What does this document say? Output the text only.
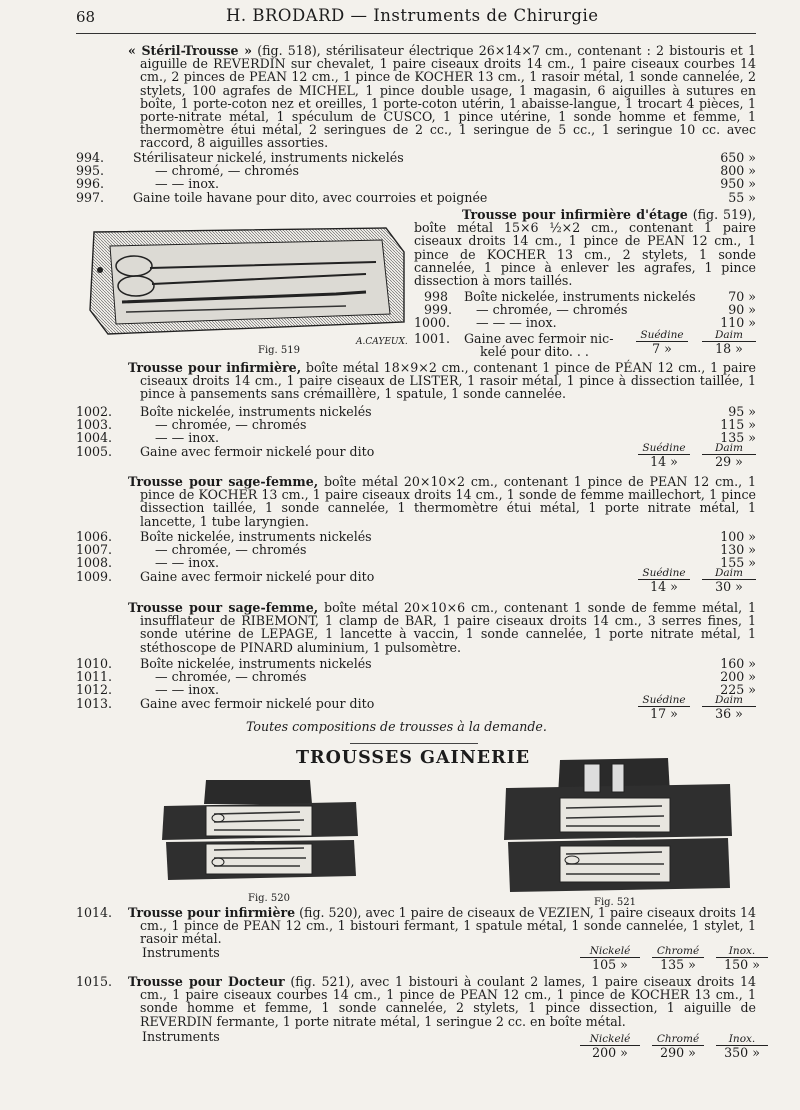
68	H. BRODARD — Instruments de Chirurgie

« Stéril-Trousse » (fig. 518), stérilisateur électrique 26×14×7 cm., contenant : 2 bistouris et 1 aiguille de REVERDIN sur chevalet, 1 paire ciseaux droits 14 cm., 1 paire ciseaux courbes 14 cm., 2 pinces de PEAN 12 cm., 1 pince de KOCHER 13 cm., 1 rasoir métal, 1 sonde cannelée, 2 stylets, 100 agrafes de MICHEL, 1 pince double usage, 1 magasin, 6 aiguilles à sutures en boîte, 1 porte-coton nez et oreilles, 1 porte-coton utérin, 1 abaisse-langue, 1 trocart 4 pièces, 1 porte-nitrate métal, 1 spéculum de CUSCO, 1 pince utérine, 1 sonde homme et femme, 1 thermomètre étui métal, 2 seringues de 2 cc., 1 seringue de 5 cc., 1 seringue 10 cc. avec raccord, 8 aiguilles assorties.

994. Stérilisateur nickelé, instruments nickelés	650 »
995.	— chromé, — chromés	800 »
996.	— — inox.	950 »
997. Gaine toile havane pour dito, avec courroies et poignée	55 »
Fig. 519
A.CAYEUX.

Trousse pour infirmière d'étage (fig. 519), boîte métal 15×6 ½×2 cm., contenant 1 paire ciseaux droits 14 cm., 1 pince de PEAN 12 cm., 1 pince de KOCHER 13 cm., 2 stylets, 1 sonde cannelée, 1 pince à enlever les agrafes, 1 pince dissection à mors taillés.

998 Boîte nickelée, instruments nickelés	70 »
999. — chromée, — chromés	90 »
1000. — — — inox.	110 »
1001. Gaine avec fermoir nic-
kelé pour dito. . .
Suédine
7 »
Daim
18 »

Trousse pour infirmière, boîte métal 18×9×2 cm., contenant 1 pince de PÉAN 12 cm., 1 paire ciseaux droits 14 cm., 1 paire ciseaux de LISTER, 1 rasoir métal, 1 pince à dissection taillée, 1 pince à pansements sans crémaillère, 1 spatule, 1 sonde cannelée.

1002. Boîte nickelée, instruments nickelés	95 »
1003.	— chromée, — chromés	115 »
1004.	— — inox.	135 »
1005. Gaine avec fermoir nickelé pour dito	Suédine
14 »
Daim
29 »

Trousse pour sage-femme, boîte métal 20×10×2 cm., contenant 1 pince de PEAN 12 cm., 1 pince de KOCHER 13 cm., 1 paire ciseaux droits 14 cm., 1 sonde de femme maillechort, 1 pince dissection taillée, 1 sonde cannelée, 1 thermomètre étui métal, 1 porte nitrate métal, 1 lancette, 1 tube laryngien.

1006. Boîte nickelée, instruments nickelés	100 »
1007.	— chromée, — chromés	130 »
1008.	— — inox.	155 »
1009. Gaine avec fermoir nickelé pour dito	Suédine
14 »
Daim
30 »

Trousse pour sage-femme, boîte métal 20×10×6 cm., contenant 1 sonde de femme métal, 1 insufflateur de RIBEMONT, 1 clamp de BAR, 1 paire ciseaux droits 14 cm., 3 serres fines, 1 sonde utérine de LEPAGE, 1 lancette à vaccin, 1 sonde cannelée, 1 porte nitrate métal, 1 stéthoscope de PINARD aluminium, 1 pulsomètre.

1010. Boîte nickelée, instruments nickelés	160 »
1011.	— chromée, — chromés	200 »
1012.	— — inox.	225 »
1013. Gaine avec fermoir nickelé pour dito	Suédine
17 »
Daim
36 »
Toutes compositions de trousses à la demande.
TROUSSES GAINERIE
Fig. 520	Fig. 521
1014. Trousse pour infirmière (fig. 520), avec 1 paire de ciseaux de VEZIEN, 1 paire ciseaux droits 14 cm., 1 pince de PEAN 12 cm., 1 bistouri fermant, 1 spatule métal, 1 sonde cannelée, 1 stylet, 1 rasoir métal.

Instruments	Nickelé
105 »

Chromé
135 »

Inox.
150 »
1015. Trousse pour Docteur (fig. 521), avec 1 bistouri à coulant 2 lames, 1 paire ciseaux droits 14 cm., 1 paire ciseaux courbes 14 cm., 1 pince de PEAN 12 cm., 1 pince de KOCHER 13 cm., 1 sonde homme et femme, 1 sonde cannelée, 2 stylets, 1 pince dissection, 1 aiguille de REVERDIN fermante, 1 porte nitrate métal, 1 seringue 2 cc. en boîte métal.

Instruments	Nickelé
200 »

Chromé
290 »

Inox.
350 »
